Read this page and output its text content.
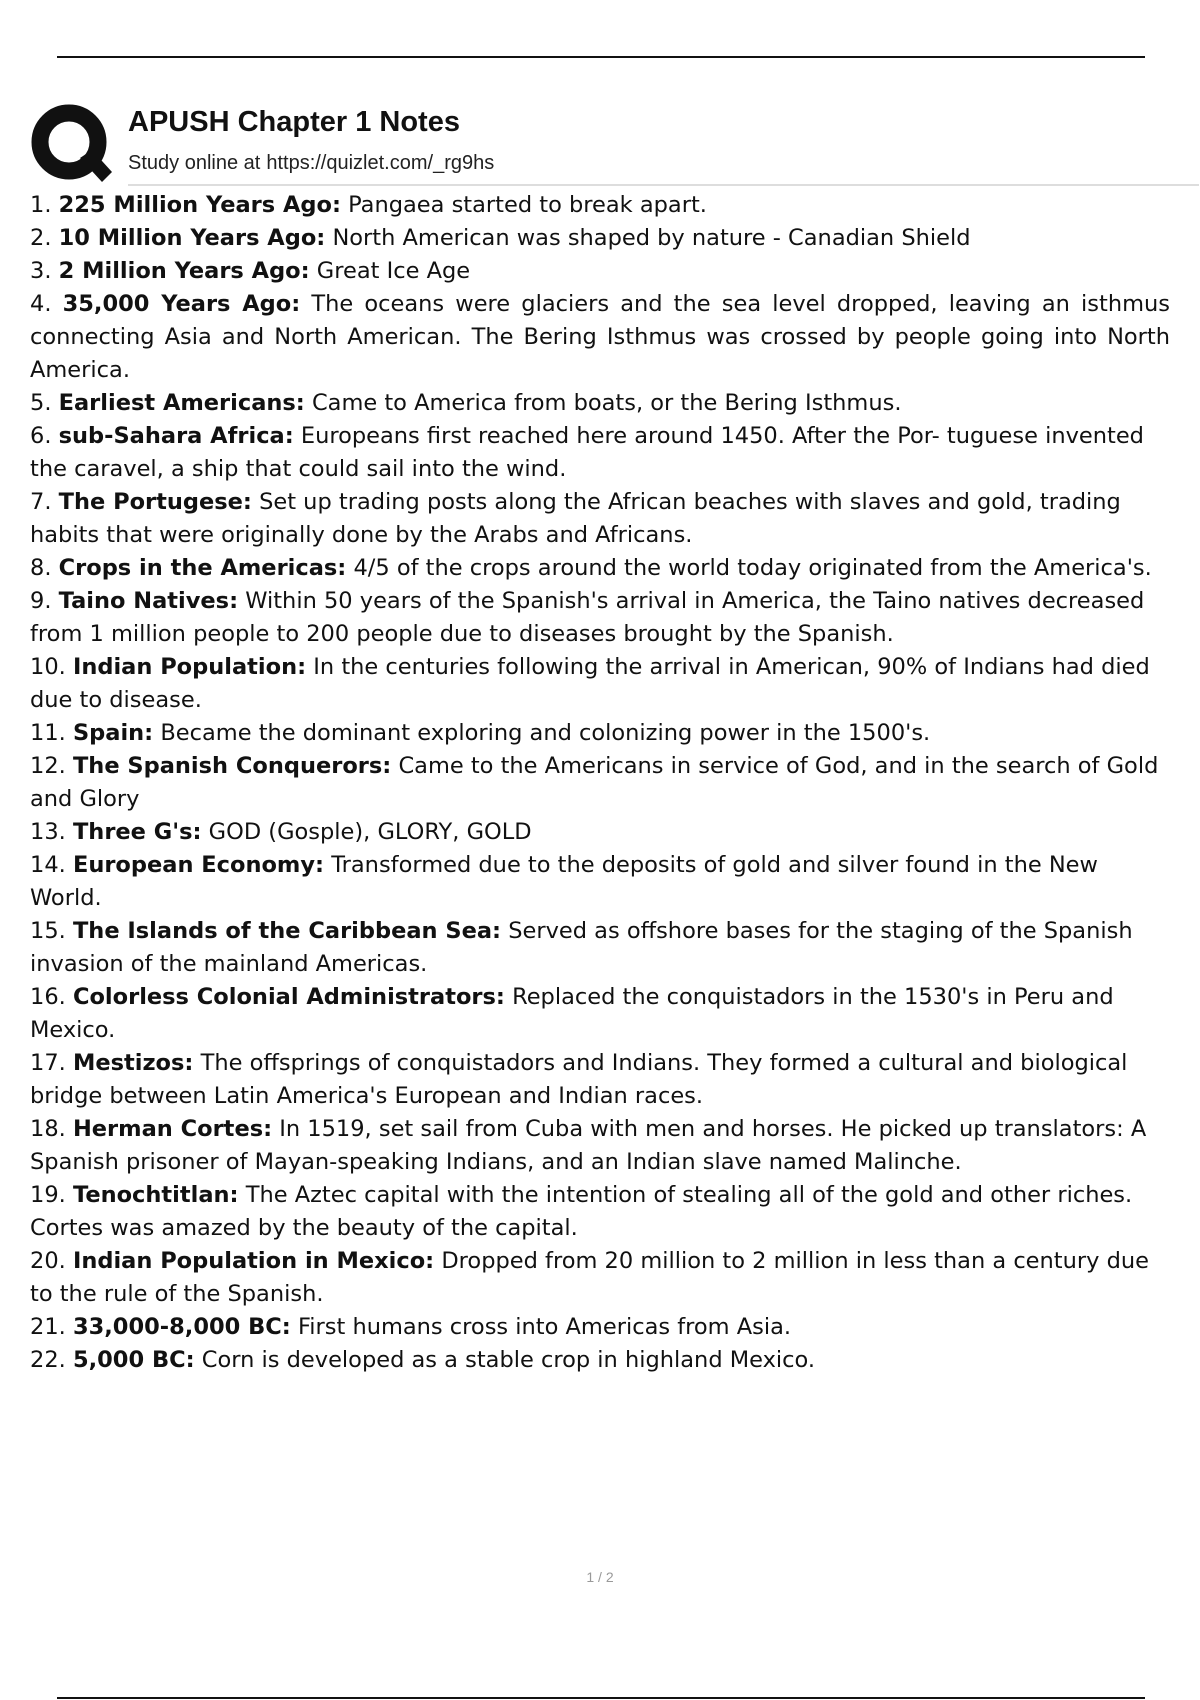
APUSH Chapter 1 Notes
Study online at https://quizlet.com/_rg9hs
1. 225 Million Years Ago: Pangaea started to break apart.
2. 10 Million Years Ago: North American was shaped by nature - Canadian Shield
3. 2 Million Years Ago: Great Ice Age
4. 35,000 Years Ago: The oceans were glaciers and the sea level dropped, leaving an isthmus connecting Asia and North American. The Bering Isthmus was crossed by people going into North America.
5. Earliest Americans: Came to America from boats, or the Bering Isthmus.
6. sub-Sahara Africa: Europeans first reached here around 1450. After the Por- tuguese invented the caravel, a ship that could sail into the wind.
7. The Portugese: Set up trading posts along the African beaches with slaves and gold, trading habits that were originally done by the Arabs and Africans.
8. Crops in the Americas: 4/5 of the crops around the world today originated from the America's.
9. Taino Natives: Within 50 years of the Spanish's arrival in America, the Taino natives decreased from 1 million people to 200 people due to diseases brought by the Spanish.
10. Indian Population: In the centuries following the arrival in American, 90% of Indians had died due to disease.
11. Spain: Became the dominant exploring and colonizing power in the 1500's.
12. The Spanish Conquerors: Came to the Americans in service of God, and in the search of Gold and Glory
13. Three G's: GOD (Gosple), GLORY, GOLD
14. European Economy: Transformed due to the deposits of gold and silver found in the New World.
15. The Islands of the Caribbean Sea: Served as offshore bases for the staging of the Spanish invasion of the mainland Americas.
16. Colorless Colonial Administrators: Replaced the conquistadors in the 1530's in Peru and Mexico.
17. Mestizos: The offsprings of conquistadors and Indians. They formed a cultural and biological bridge between Latin America's European and Indian races.
18. Herman Cortes: In 1519, set sail from Cuba with men and horses. He picked up translators: A Spanish prisoner of Mayan-speaking Indians, and an Indian slave named Malinche.
19. Tenochtitlan: The Aztec capital with the intention of stealing all of the gold and other riches. Cortes was amazed by the beauty of the capital.
20. Indian Population in Mexico: Dropped from 20 million to 2 million in less than a century due to the rule of the Spanish.
21. 33,000-8,000 BC: First humans cross into Americas from Asia.
22. 5,000 BC: Corn is developed as a stable crop in highland Mexico.
1 / 2
